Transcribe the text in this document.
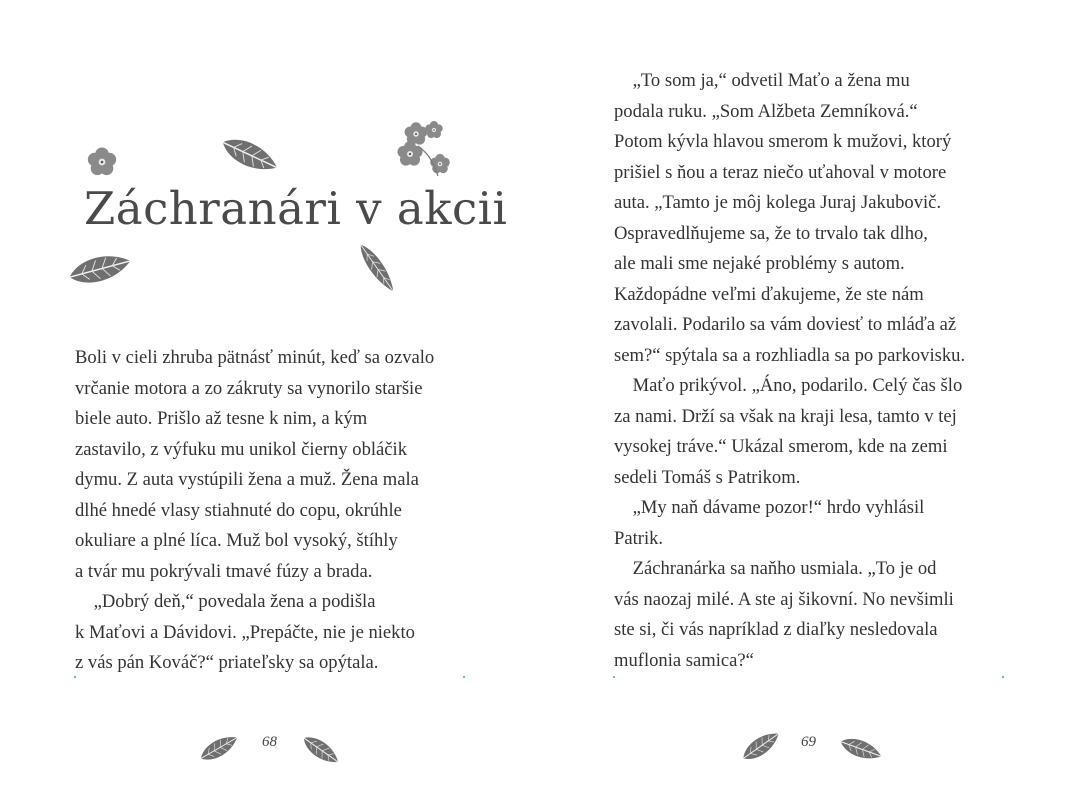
Záchranári v akcii
Boli v cieli zhruba pätnásť minút, keď sa ozvalo
vrčanie motora a zo zákruty sa vynorilo staršie
biele auto. Prišlo až tesne k nim, a kým
zastavilo, z výfuku mu unikol čierny obláčik
dymu. Z auta vystúpili žena a muž. Žena mala
dlhé hnedé vlasy stiahnuté do copu, okrúhle
okuliare a plné líca. Muž bol vysoký, štíhly
a tvár mu pokrývali tmavé fúzy a brada.
„Dobrý deň,“ povedala žena a podišla
k Maťovi a Dávidovi. „Prepáčte, nie je niekto
z vás pán Kováč?“ priateľsky sa opýtala.
68
„To som ja,“ odvetil Maťo a žena mu
podala ruku. „Som Alžbeta Zemníková.“
Potom kývla hlavou smerom k mužovi, ktorý
prišiel s ňou a teraz niečo uťahoval v motore
auta. „Tamto je môj kolega Juraj Jakubovič.
Ospravedlňujeme sa, že to trvalo tak dlho,
ale mali sme nejaké problémy s autom.
Každopádne veľmi ďakujeme, že ste nám
zavolali. Podarilo sa vám doviesť to mláďa až
sem?“ spýtala sa a rozhliadla sa po parkovisku.
Maťo prikývol. „Áno, podarilo. Celý čas šlo
za nami. Drží sa však na kraji lesa, tamto v tej
vysokej tráve.“ Ukázal smerom, kde na zemi
sedeli Tomáš s Patrikom.
„My naň dávame pozor!“ hrdo vyhlásil
Patrik.
Záchranárka sa naňho usmiala. „To je od
vás naozaj milé. A ste aj šikovní. No nevšimli
ste si, či vás napríklad z diaľky nesledovala
muflonia samica?“
69
